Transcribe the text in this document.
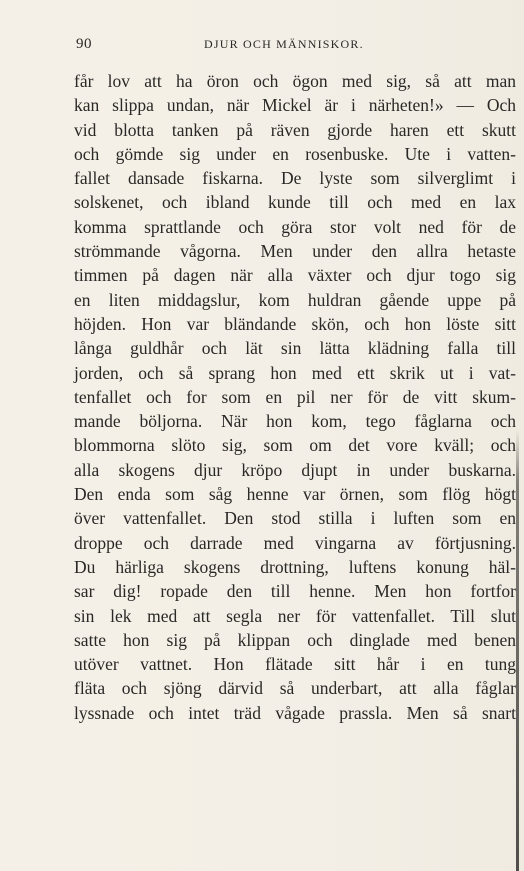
90	DJUR OCH MÄNNISKOR.
får lov att ha öron och ögon med sig, så att man
kan slippa undan, när Mickel är i närheten!» — Och
vid blotta tanken på räven gjorde haren ett skutt
och gömde sig under en rosenbuske. Ute i vatten-
fallet dansade fiskarna. De lyste som silverglimt i
solskenet, och ibland kunde till och med en lax
komma sprattlande och göra stor volt ned för de
strömmande vågorna. Men under den allra hetaste
timmen på dagen när alla växter och djur togo sig
en liten middagslur, kom huldran gående uppe på
höjden. Hon var bländande skön, och hon löste sitt
långa guldhår och lät sin lätta klädning falla till
jorden, och så sprang hon med ett skrik ut i vat-
tenfallet och for som en pil ner för de vitt skum-
mande böljorna. När hon kom, tego fåglarna och
blommorna slöto sig, som om det vore kväll; och
alla skogens djur kröpo djupt in under buskarna.
Den enda som såg henne var örnen, som flög högt
över vattenfallet. Den stod stilla i luften som en
droppe och darrade med vingarna av förtjusning.
Du härliga skogens drottning, luftens konung häl-
sar dig! ropade den till henne. Men hon fortfor
sin lek med att segla ner för vattenfallet. Till slut
satte hon sig på klippan och dinglade med benen
utöver vattnet. Hon flätade sitt hår i en tung
fläta och sjöng därvid så underbart, att alla fåglar
lyssnade och intet träd vågade prassla. Men så snart
